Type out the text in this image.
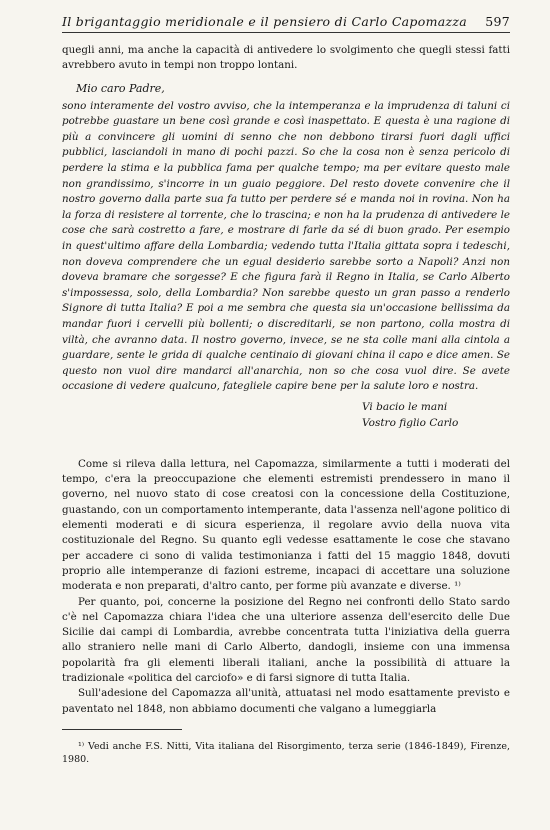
Il brigantaggio meridionale e il pensiero di Carlo Capomazza 597

quegli anni, ma anche la capacità di antivedere lo svolgimento che quegli stessi fatti avrebbero avuto in tempi non troppo lontani.

Mio caro Padre,

sono interamente del vostro avviso, che la intemperanza e la imprudenza di taluni ci potrebbe guastare un bene così grande e così inaspettato. E questa è una ragione di più a convincere gli uomini di senno che non debbono tirarsi fuori dagli uffici pubblici, lasciandoli in mano di pochi pazzi. So che la cosa non è senza pericolo di perdere la stima e la pubblica fama per qualche tempo; ma per evitare questo male non grandissimo, s'incorre in un guaio peggiore. Del resto dovete convenire che il nostro governo dalla parte sua fa tutto per perdere sé e manda noi in rovina. Non ha la forza di resistere al torrente, che lo trascina; e non ha la prudenza di antivedere le cose che sarà costretto a fare, e mostrare di farle da sé di buon grado. Per esempio in quest'ultimo affare della Lombardia; vedendo tutta l'Italia gittata sopra i tedeschi, non doveva comprendere che un egual desiderio sarebbe sorto a Napoli? Anzi non doveva bramare che sorgesse? E che figura farà il Regno in Italia, se Carlo Alberto s'impossessa, solo, della Lombardia? Non sarebbe questo un gran passo a renderlo Signore di tutta Italia? E poi a me sembra che questa sia un'occasione bellissima da mandar fuori i cervelli più bollenti; o discreditarli, se non partono, colla mostra di viltà, che avranno data. Il nostro governo, invece, se ne sta colle mani alla cintola a guardare, sente le grida di qualche centinaio di giovani china il capo e dice amen. Se questo non vuol dire mandarci all'anarchia, non so che cosa vuol dire. Se avete occasione di vedere qualcuno, fategliele capire bene per la salute loro e nostra.

Vi bacio le mani
Vostro figlio Carlo

Come si rileva dalla lettura, nel Capomazza, similarmente a tutti i moderati del tempo, c'era la preoccupazione che elementi estremisti prendessero in mano il governo, nel nuovo stato di cose creatosi con la concessione della Costituzione, guastando, con un comportamento intemperante, data l'assenza nell'agone politico di elementi moderati e di sicura esperienza, il regolare avvio della nuova vita costituzionale del Regno. Su quanto egli vedesse esattamente le cose che stavano per accadere ci sono di valida testimonianza i fatti del 15 maggio 1848, dovuti proprio alle intemperanze di fazioni estreme, incapaci di accettare una soluzione moderata e non preparati, d'altro canto, per forme più avanzate e diverse. ¹⁾

Per quanto, poi, concerne la posizione del Regno nei confronti dello Stato sardo c'è nel Capomazza chiara l'idea che una ulteriore assenza dell'esercito delle Due Sicilie dai campi di Lombardia, avrebbe concentrata tutta l'iniziativa della guerra allo straniero nelle mani di Carlo Alberto, dandogli, insieme con una immensa popolarità fra gli elementi liberali italiani, anche la possibilità di attuare la tradizionale «politica del carciofo» e di farsi signore di tutta Italia.

Sull'adesione del Capomazza all'unità, attuatasi nel modo esattamente previsto e paventato nel 1848, non abbiamo documenti che valgano a lumeggiarla

¹⁾ Vedi anche F.S. Nitti, Vita italiana del Risorgimento, terza serie (1846-1849), Firenze, 1980.
